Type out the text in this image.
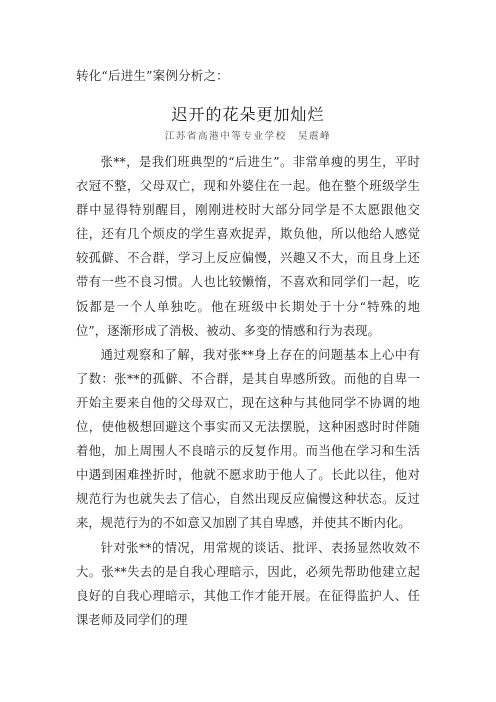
转化“后进生”案例分析之：
迟开的花朵更加灿烂
江苏省高港中等专业学校　吴震峰

张**，是我们班典型的“后进生”。非常单瘦的男生，平时衣冠不整，父母双亡，现和外婆住在一起。他在整个班级学生群中显得特别醒目，刚刚进校时大部分同学是不太愿跟他交往，还有几个烦皮的学生喜欢捉弄，欺负他，所以他给人感觉较孤僻、不合群，学习上反应偏慢，兴趣又不大，而且身上还带有一些不良习惯。人也比较懒惰，不喜欢和同学们一起，吃饭都是一个人单独吃。他在班级中长期处于十分“特殊的地位”，逐渐形成了消极、被动、多变的情感和行为表现。

通过观察和了解，我对张**身上存在的问题基本上心中有了数：张**的孤僻、不合群，是其自卑感所致。而他的自卑一开始主要来自他的父母双亡，现在这种与其他同学不协调的地位，使他极想回避这个事实而又无法摆脱，这种困惑时时伴随着他，加上周围人不良暗示的反复作用。而当他在学习和生活中遇到困难挫折时，他就不愿求助于他人了。长此以往，他对规范行为也就失去了信心，自然出现反应偏慢这种状态。反过来，规范行为的不如意又加剧了其自卑感，并使其不断内化。

针对张**的情况，用常规的谈话、批评、表扬显然收效不大。张**失去的是自我心理暗示，因此，必须先帮助他建立起良好的自我心理暗示，其他工作才能开展。在征得监护人、任课老师及同学们的理
